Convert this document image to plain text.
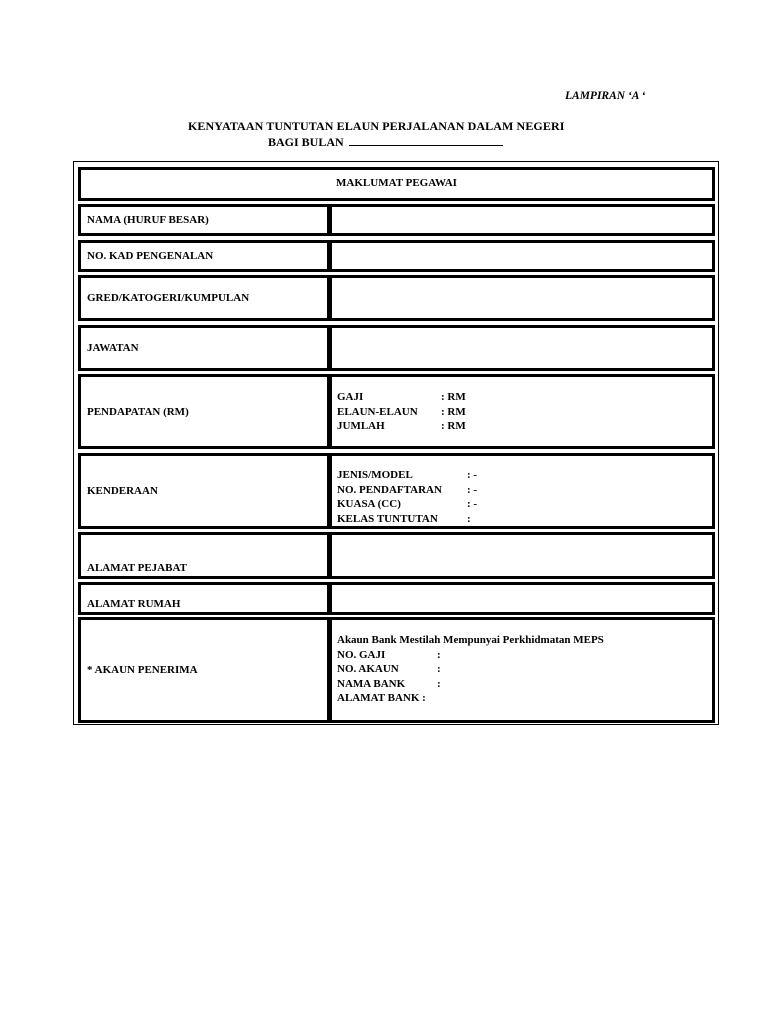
LAMPIRAN ‘A ‘
KENYATAAN TUNTUTAN ELAUN PERJALANAN DALAM NEGERI
BAGI BULAN
MAKLUMAT PEGAWAI
NAMA (HURUF BESAR)
NO. KAD PENGENALAN
GRED/KATOGERI/KUMPULAN
JAWATAN
PENDAPATAN (RM)
GAJI	: RM
ELAUN-ELAUN	: RM
JUMLAH	: RM
KENDERAAN
JENIS/MODEL	: -
NO. PENDAFTARAN	: -
KUASA (CC)	: -
KELAS TUNTUTAN	:
ALAMAT PEJABAT
ALAMAT RUMAH
* AKAUN PENERIMA
Akaun Bank Mestilah Mempunyai Perkhidmatan MEPS
NO. GAJI	:
NO. AKAUN	:
NAMA BANK	:
ALAMAT BANK :
